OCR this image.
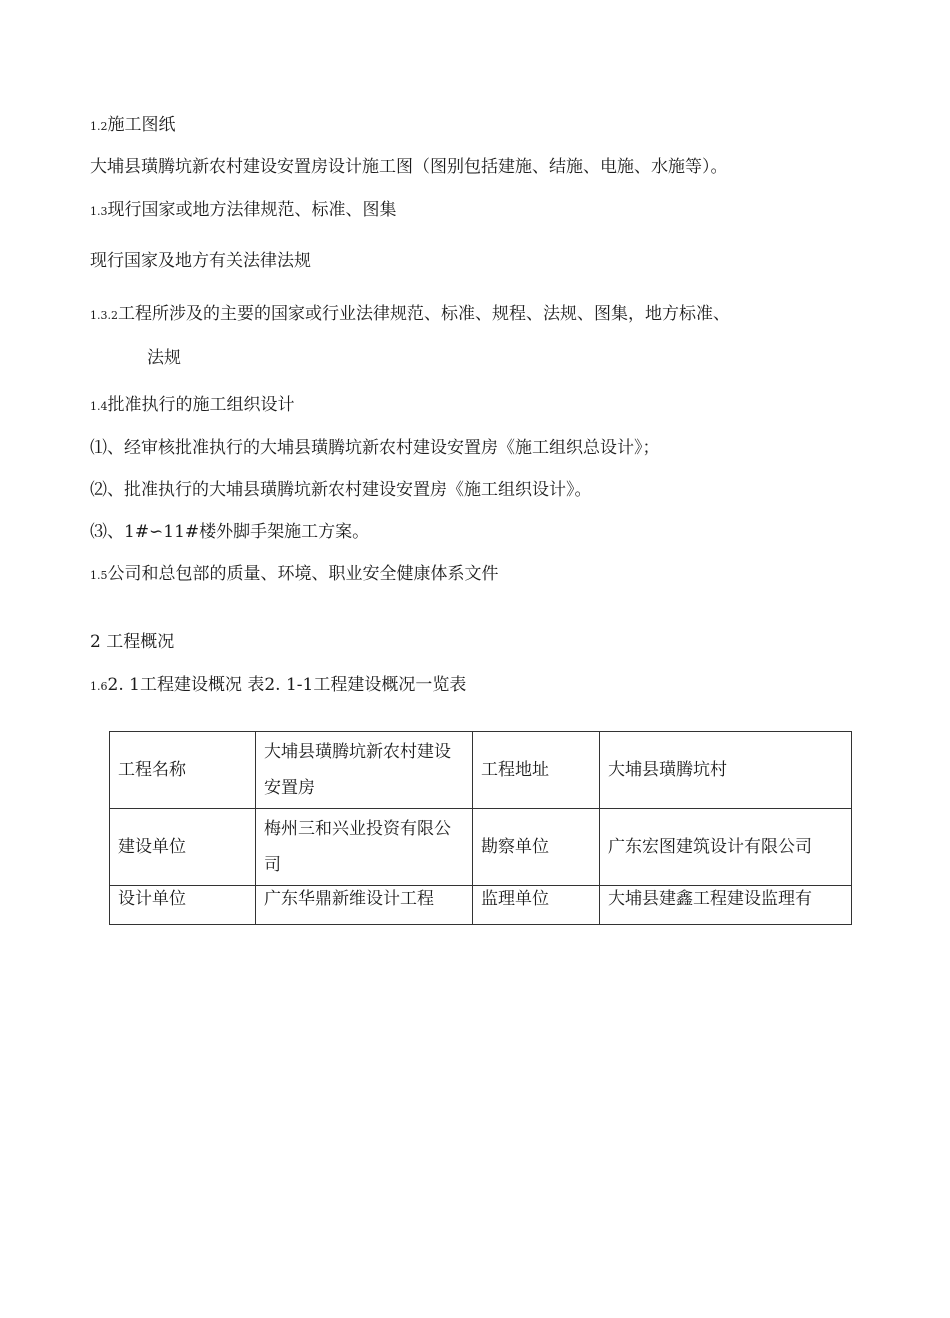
1.2施工图纸
大埔县璜腾坑新农村建设安置房设计施工图（图别包括建施、结施、电施、水施等）。
1.3现行国家或地方法律规范、标准、图集
现行国家及地方有关法律法规
1.3.2工程所涉及的主要的国家或行业法律规范、标准、规程、法规、图集，地方标准、
法规
1.4批准执行的施工组织设计
⑴、经审核批准执行的大埔县璜腾坑新农村建设安置房《施工组织总设计》；
⑵、批准执行的大埔县璜腾坑新农村建设安置房《施工组织设计》。
⑶、1#∽11#楼外脚手架施工方案。
1.5公司和总包部的质量、环境、职业安全健康体系文件
2 工程概况
1.62. 1工程建设概况 表2. 1-1工程建设概况一览表
工程名称	大埔县璜腾坑新农村建设安置房	工程地址	大埔县璜腾坑村
建设单位	梅州三和兴业投资有限公司	勘察单位	广东宏图建筑设计有限公司
设计单位	广东华鼎新维设计工程	监理单位	大埔县建鑫工程建设监理有
